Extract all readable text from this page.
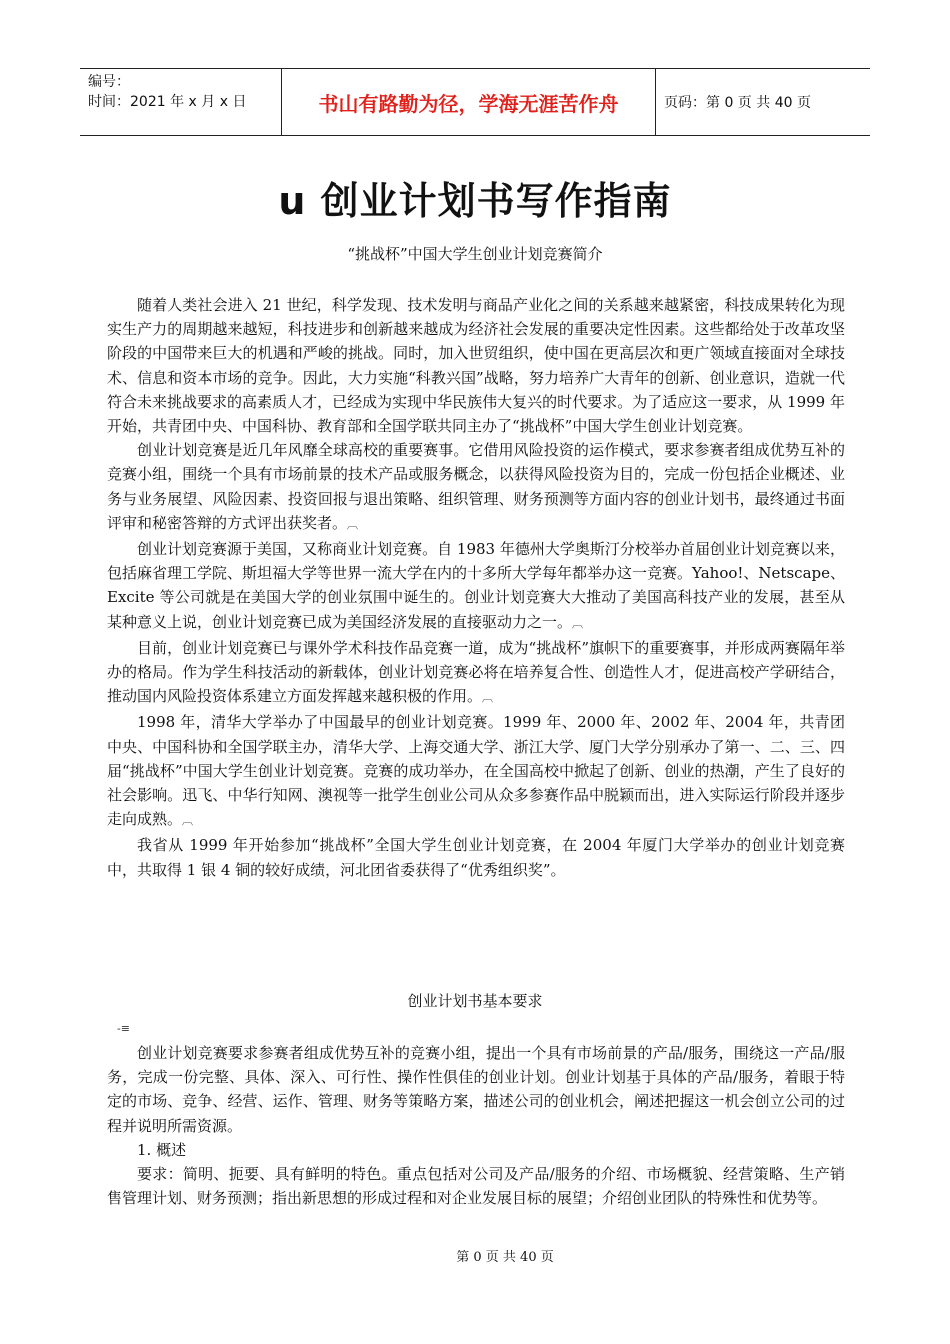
编号：
时间：2021 年 x 月 x 日	书山有路勤为径，学海无涯苦作舟	页码：第 0 页 共 40 页
u 创业计划书写作指南
“挑战杯”中国大学生创业计划竞赛简介

随着人类社会进入 21 世纪，科学发现、技术发明与商品产业化之间的关系越来越紧密，科技成果转化为现实生产力的周期越来越短，科技进步和创新越来越成为经济社会发展的重要决定性因素。这些都给处于改革攻坚阶段的中国带来巨大的机遇和严峻的挑战。同时，加入世贸组织，使中国在更高层次和更广领域直接面对全球技术、信息和资本市场的竞争。因此，大力实施“科教兴国”战略，努力培养广大青年的创新、创业意识，造就一代符合未来挑战要求的高素质人才，已经成为实现中华民族伟大复兴的时代要求。为了适应这一要求，从 1999 年开始，共青团中央、中国科协、教育部和全国学联共同主办了“挑战杯”中国大学生创业计划竞赛。

创业计划竞赛是近几年风靡全球高校的重要赛事。它借用风险投资的运作模式，要求参赛者组成优势互补的竞赛小组，围绕一个具有市场前景的技术产品或服务概念，以获得风险投资为目的，完成一份包括企业概述、业务与业务展望、风险因素、投资回报与退出策略、组织管理、财务预测等方面内容的创业计划书，最终通过书面评审和秘密答辩的方式评出获奖者。︹

创业计划竞赛源于美国，又称商业计划竞赛。自 1983 年德州大学奥斯汀分校举办首届创业计划竞赛以来，包括麻省理工学院、斯坦福大学等世界一流大学在内的十多所大学每年都举办这一竞赛。Yahoo!、Netscape、Excite 等公司就是在美国大学的创业氛围中诞生的。创业计划竞赛大大推动了美国高科技产业的发展，甚至从某种意义上说，创业计划竞赛已成为美国经济发展的直接驱动力之一。︹

目前，创业计划竞赛已与课外学术科技作品竞赛一道，成为“挑战杯”旗帜下的重要赛事，并形成两赛隔年举办的格局。作为学生科技活动的新载体，创业计划竞赛必将在培养复合性、创造性人才，促进高校产学研结合，推动国内风险投资体系建立方面发挥越来越积极的作用。︹

1998 年，清华大学举办了中国最早的创业计划竞赛。1999 年、2000 年、2002 年、2004 年，共青团中央、中国科协和全国学联主办，清华大学、上海交通大学、浙江大学、厦门大学分别承办了第一、二、三、四届“挑战杯”中国大学生创业计划竞赛。竞赛的成功举办，在全国高校中掀起了创新、创业的热潮，产生了良好的社会影响。迅飞、中华行知网、澳视等一批学生创业公司从众多参赛作品中脱颖而出，进入实际运行阶段并逐步走向成熟。︹

我省从 1999 年开始参加“挑战杯”全国大学生创业计划竞赛，在 2004 年厦门大学举办的创业计划竞赛中，共取得 1 银 4 铜的较好成绩，河北团省委获得了“优秀组织奖”。

创业计划书基本要求
-≡

创业计划竞赛要求参赛者组成优势互补的竞赛小组，提出一个具有市场前景的产品/服务，围绕这一产品/服务，完成一份完整、具体、深入、可行性、操作性俱佳的创业计划。创业计划基于具体的产品/服务，着眼于特定的市场、竞争、经营、运作、管理、财务等策略方案，描述公司的创业机会，阐述把握这一机会创立公司的过程并说明所需资源。

1. 概述

要求：简明、扼要、具有鲜明的特色。重点包括对公司及产品/服务的介绍、市场概貌、经营策略、生产销售管理计划、财务预测；指出新思想的形成过程和对企业发展目标的展望；介绍创业团队的特殊性和优势等。

第 0 页 共 40 页
